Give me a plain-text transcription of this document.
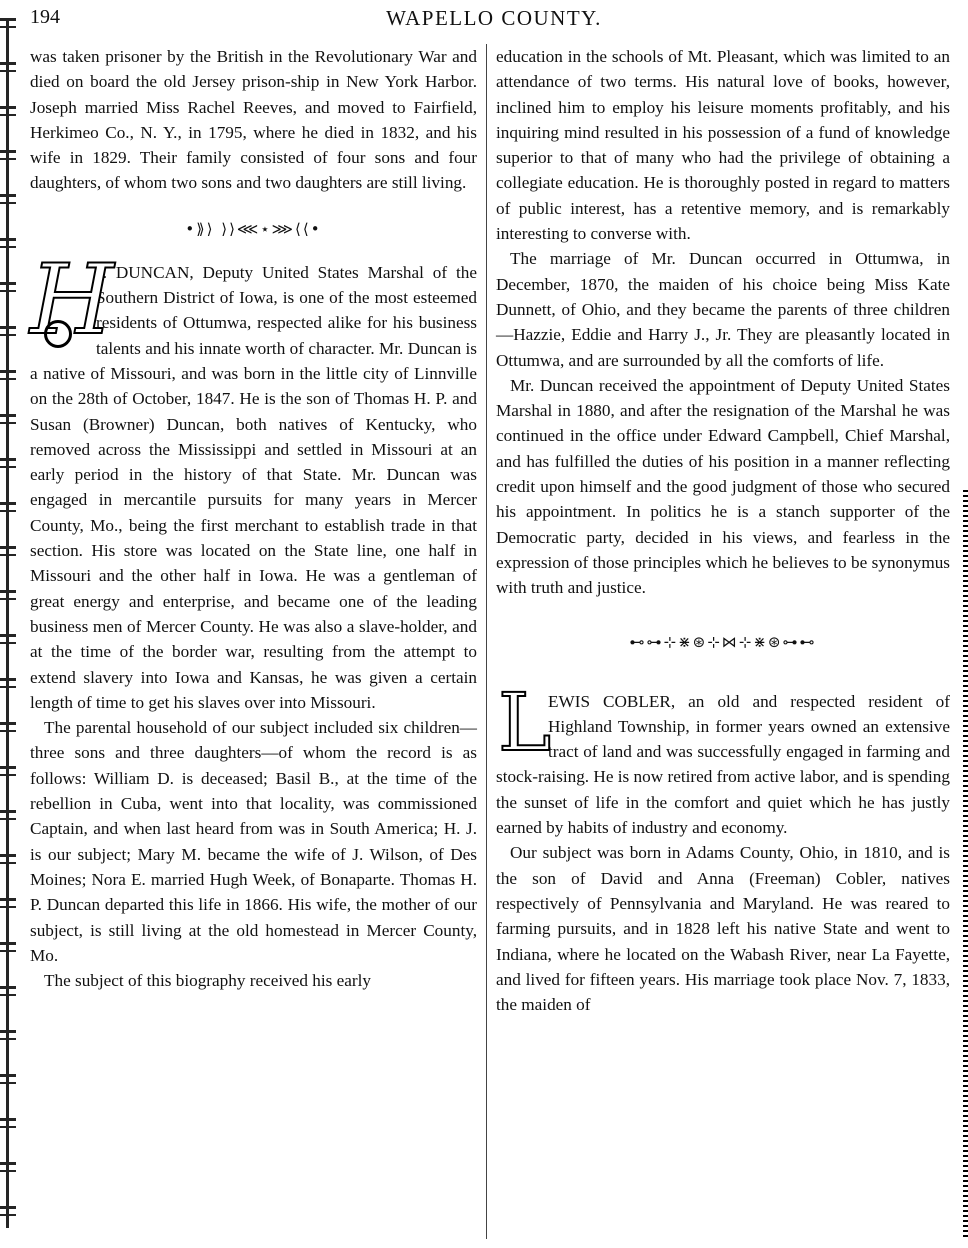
194	WAPELLO COUNTY.

was taken prisoner by the British in the Revolutionary War and died on board the old Jersey prison-ship in New York Harbor. Joseph married Miss Rachel Reeves, and moved to Fairfield, Herkimeo Co., N. Y., in 1795, where he died in 1832, and his wife in 1829. Their family consisted of four sons and four daughters, of whom two sons and two daughters are still living.

•⟫⟩ ⟩⟩⋘⋆⋙⟨⟨•
H

J. DUNCAN, Deputy United States Marshal of the Southern District of Iowa, is one of the most esteemed residents of Ottumwa, respected alike for his business talents and his innate worth of character. Mr. Duncan is a native of Missouri, and was born in the little city of Linnville on the 28th of October, 1847. He is the son of Thomas H. P. and Susan (Browner) Duncan, both natives of Kentucky, who removed across the Mississippi and settled in Missouri at an early period in the history of that State. Mr. Duncan was engaged in mercantile pursuits for many years in Mercer County, Mo., being the first merchant to establish trade in that section. His store was located on the State line, one half in Missouri and the other half in Iowa. He was a gentleman of great energy and enterprise, and became one of the leading business men of Mercer County. He was also a slave-holder, and at the time of the border war, resulting from the attempt to extend slavery into Iowa and Kansas, he was given a certain length of time to get his slaves over into Missouri.

The parental household of our subject included six children—three sons and three daughters—of whom the record is as follows: William D. is deceased; Basil B., at the time of the rebellion in Cuba, went into that locality, was commissioned Captain, and when last heard from was in South America; H. J. is our subject; Mary M. became the wife of J. Wilson, of Des Moines; Nora E. married Hugh Week, of Bonaparte. Thomas H. P. Duncan departed this life in 1866. His wife, the mother of our subject, is still living at the old homestead in Mercer County, Mo.

The subject of this biography received his early

education in the schools of Mt. Pleasant, which was limited to an attendance of two terms. His natural love of books, however, inclined him to employ his leisure moments profitably, and his inquiring mind resulted in his possession of a fund of knowledge superior to that of many who had the privilege of obtaining a collegiate education. He is thoroughly posted in regard to matters of public interest, has a retentive memory, and is remarkably interesting to converse with.

The marriage of Mr. Duncan occurred in Ottumwa, in December, 1870, the maiden of his choice being Miss Kate Dunnett, of Ohio, and they became the parents of three children—Hazzie, Eddie and Harry J., Jr. They are pleasantly located in Ottumwa, and are surrounded by all the comforts of life.

Mr. Duncan received the appointment of Deputy United States Marshal in 1880, and after the resignation of the Marshal he was continued in the office under Edward Campbell, Chief Marshal, and has fulfilled the duties of his position in a manner reflecting credit upon himself and the good judgment of those who secured his appointment. In politics he is a stanch supporter of the Democratic party, decided in his views, and fearless in the expression of those principles which he believes to be synonymus with truth and justice.

⊷⊶⊹⋇⊛⊹⋈⊹⋇⊛⊶⊷
L

EWIS COBLER, an old and respected resident of Highland Township, in former years owned an extensive tract of land and was successfully engaged in farming and stock-raising. He is now retired from active labor, and is spending the sunset of life in the comfort and quiet which he has justly earned by habits of industry and economy.

Our subject was born in Adams County, Ohio, in 1810, and is the son of David and Anna (Freeman) Cobler, natives respectively of Pennsylvania and Maryland. He was reared to farming pursuits, and in 1828 left his native State and went to Indiana, where he located on the Wabash River, near La Fayette, and lived for fifteen years. His marriage took place Nov. 7, 1833, the maiden of
